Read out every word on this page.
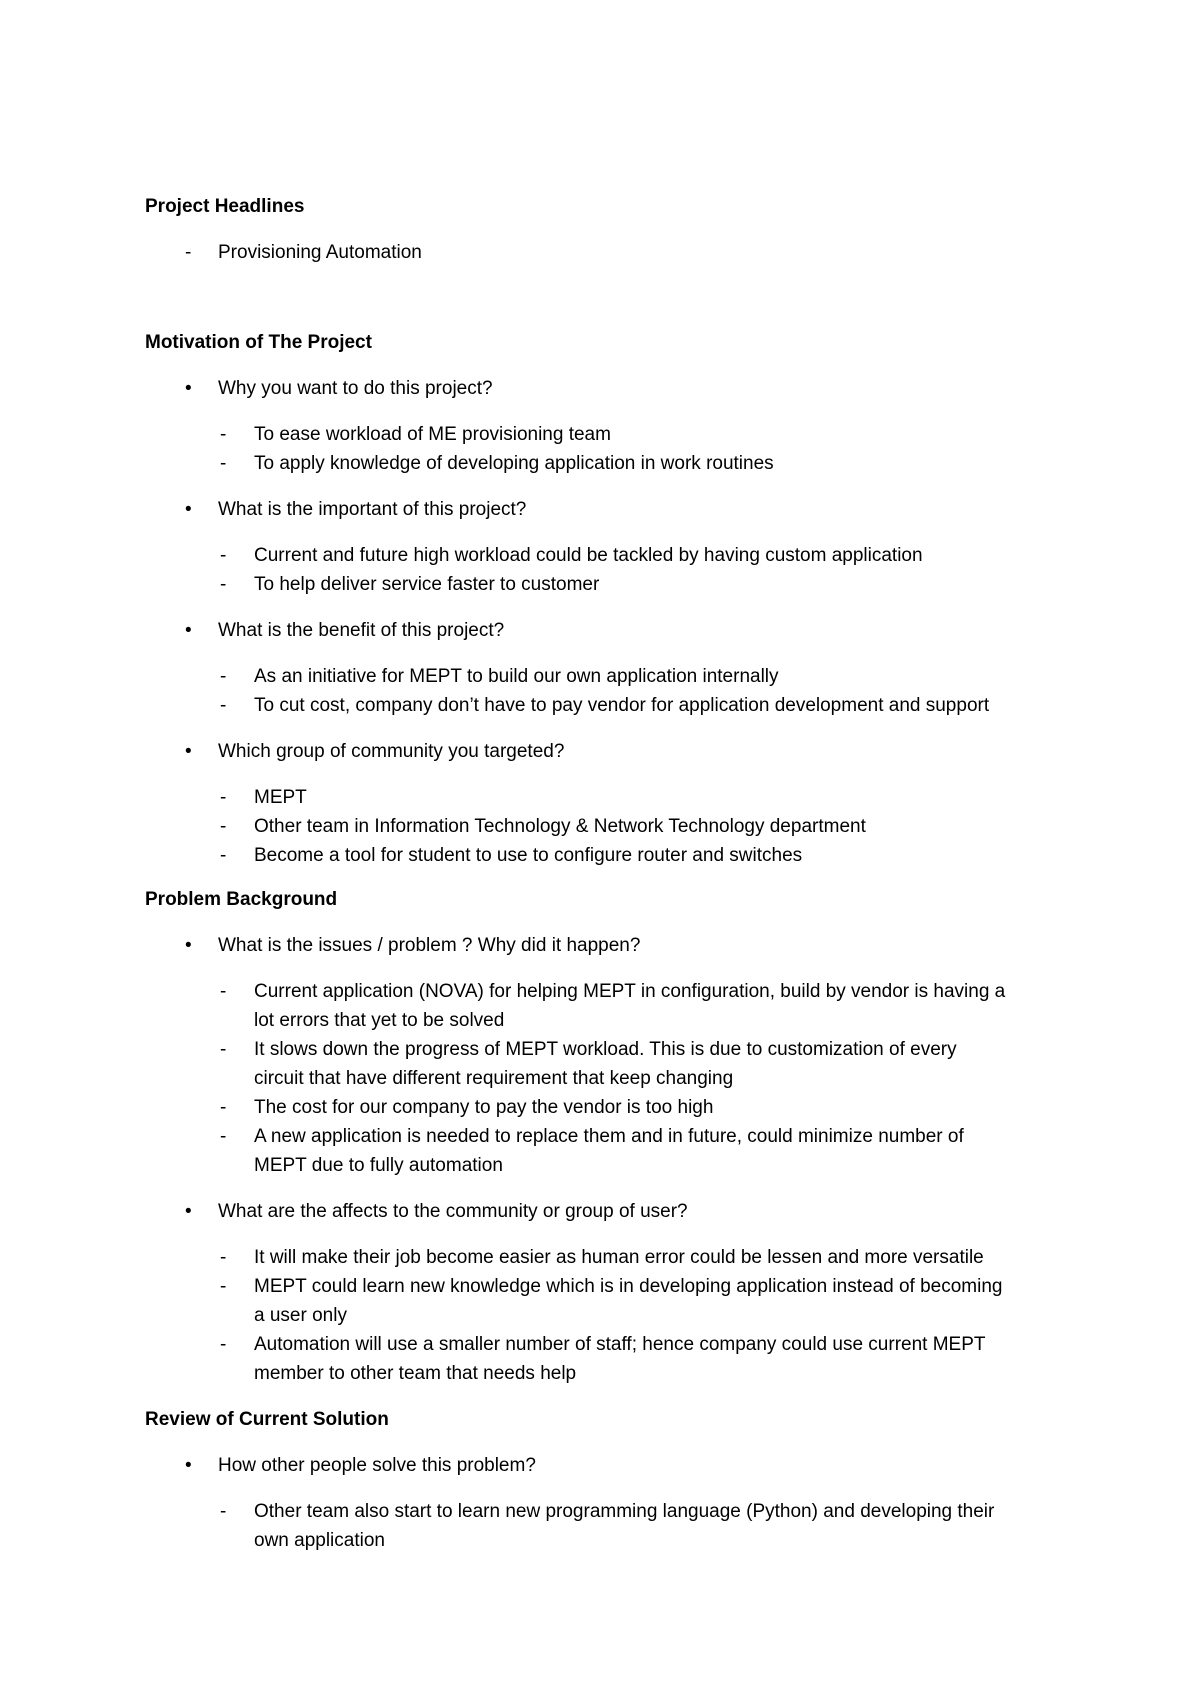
Project Headlines
-	Provisioning Automation
Motivation of The Project
•	Why you want to do this project?
-	To ease workload of ME provisioning team
-	To apply knowledge of developing application in work routines
•	What is the important of this project?
-	Current and future high workload could be tackled by having custom application
-	To help deliver service faster to customer
•	What is the benefit of this project?
-	As an initiative for MEPT to build our own application internally
-	To cut cost, company don’t have to pay vendor for application development and support
•	Which group of community you targeted?
-	MEPT
-	Other team in Information Technology & Network Technology department
-	Become a tool for student to use to configure router and switches
Problem Background
•	What is the issues / problem ? Why did it happen?
-	Current application (NOVA) for helping MEPT in configuration, build by vendor is having a
lot errors that yet to be solved
-	It slows down the progress of MEPT workload. This is due to customization of every
circuit that have different requirement that keep changing
-	The cost for our company to pay the vendor is too high
-	A new application is needed to replace them and in future, could minimize number of
MEPT due to fully automation
•	What are the affects to the community or group of user?
-	It will make their job become easier as human error could be lessen and more versatile
-	MEPT could learn new knowledge which is in developing application instead of becoming
a user only
-	Automation will use a smaller number of staff; hence company could use current MEPT
member to other team that needs help
Review of Current Solution
•	How other people solve this problem?
-	Other team also start to learn new programming language (Python) and developing their
own application
